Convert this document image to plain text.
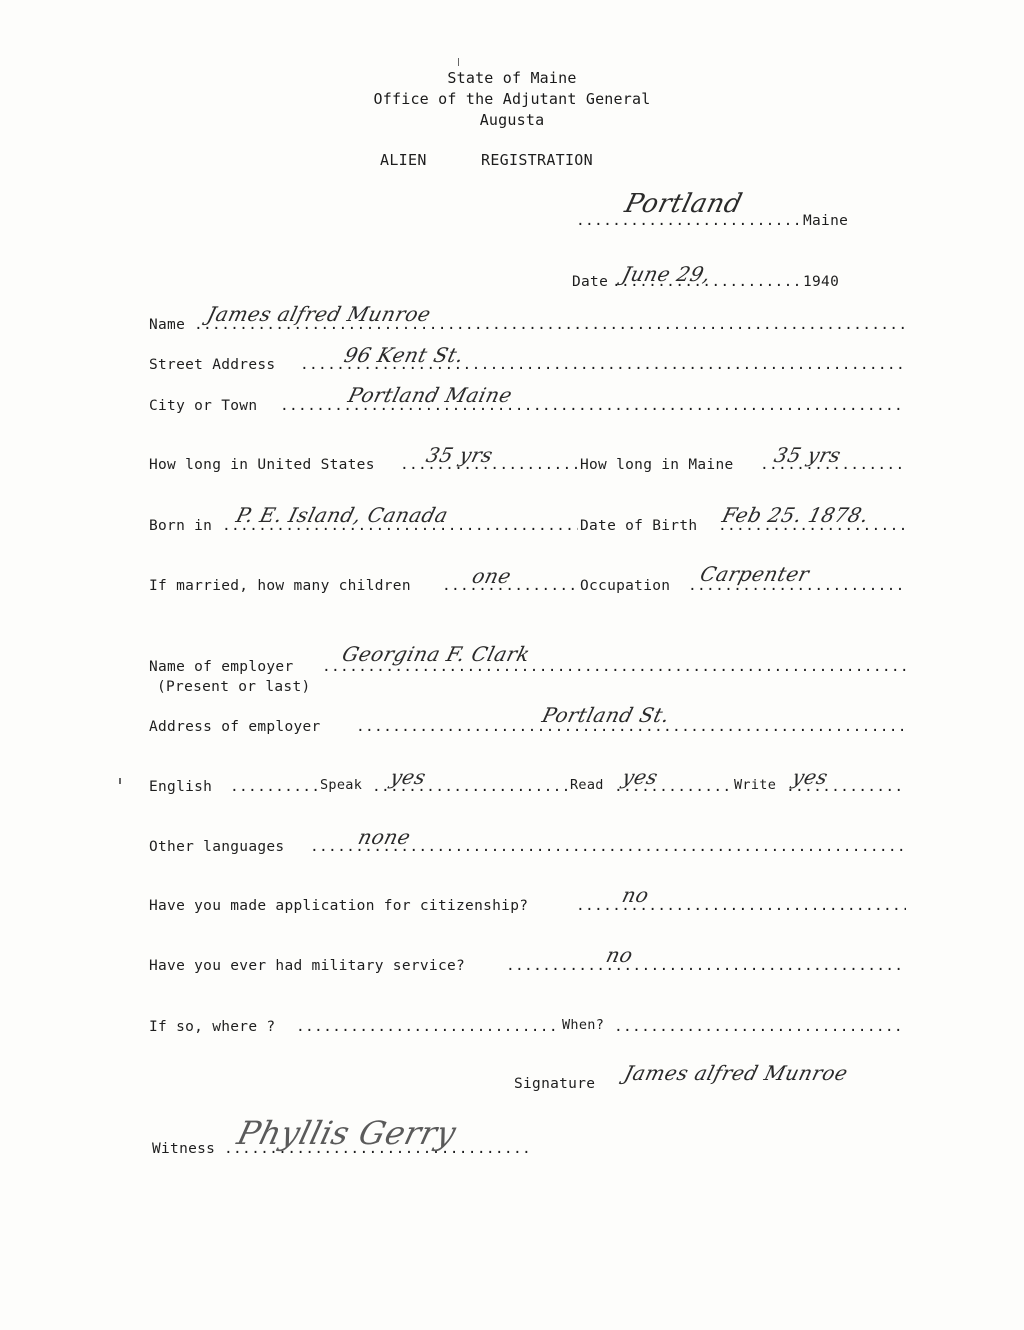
State of Maine
Office of the Adjutant General
Augusta
ALIEN	REGISTRATION
.....
Portland
Maine
Date ..... June 29,	1940
Name ..... James alfred Munroe
Street Address .....	96 Kent St.
City or Town .....	Portland Maine
How long in United States ..... 35 yrs	How long in Maine ..... 35 yrs
Born in ..... P. E. Island, Canada	Date of Birth ..... Feb 25. 1878.
If married, how many children .....	one	Occupation ..... Carpenter
Name of employer
(Present or last)
.....
Georgina F. Clark
Address of employer .....	Portland St.
English .....	Speak ..... yes	Read ..... yes	Write ..... yes
Other languages .....	none
Have you made application for citizenship? .....	no
Have you ever had military service? .....	no
If so, where ? .....	When?
.....
Signature James alfred Munroe
Witness ..... Phyllis Gerry
